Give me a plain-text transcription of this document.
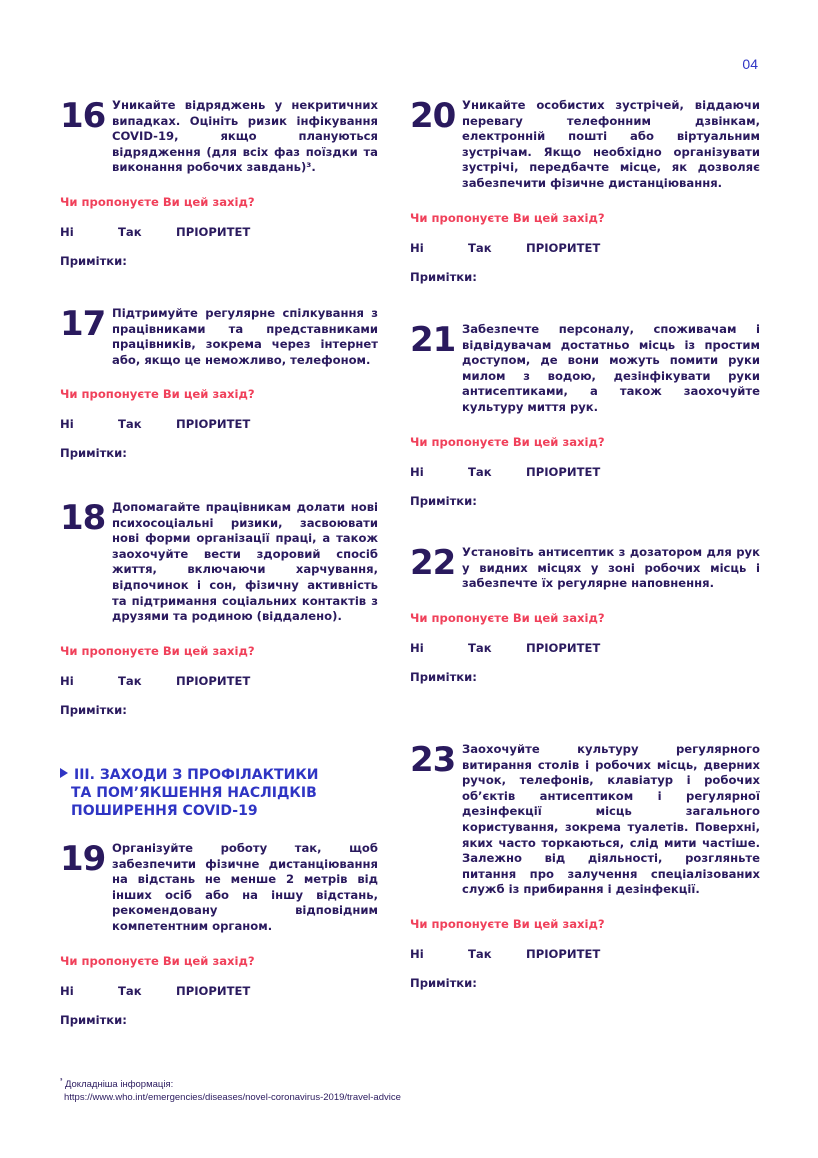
04
16 Уникайте відряджень у некритичних випадках. Оцініть ризик інфікування COVID-19, якщо плануються відрядження (для всіх фаз поїздки та виконання робочих завдань)³.
Чи пропонуєте Ви цей захід?
Ні	Так	ПРІОРИТЕТ
Примітки:
17 Підтримуйте регулярне спілкування з працівниками та представниками працівників, зокрема через інтернет або, якщо це неможливо, телефоном.
Чи пропонуєте Ви цей захід?
Ні	Так	ПРІОРИТЕТ
Примітки:
18 Допомагайте працівникам долати нові психосоціальні ризики, засвоювати нові форми організації праці, а також заохочуйте вести здоровий спосіб життя, включаючи харчування, відпочинок і сон, фізичну активність та підтримання соціальних контактів з друзями та родиною (віддалено).
Чи пропонуєте Ви цей захід?
Ні	Так	ПРІОРИТЕТ
Примітки:
III. ЗАХОДИ З ПРОФІЛАКТИКИ
ТА ПОМ’ЯКШЕННЯ НАСЛІДКІВ
ПОШИРЕННЯ COVID-19
19 Організуйте роботу так, щоб забезпечити фізичне дистанціювання на відстань не менше 2 метрів від інших осіб або на іншу відстань, рекомендовану відповідним компетентним органом.
Чи пропонуєте Ви цей захід?
Ні	Так	ПРІОРИТЕТ
Примітки:
20 Уникайте особистих зустрічей, віддаючи перевагу телефонним дзвінкам, електронній пошті або віртуальним зустрічам. Якщо необхідно організувати зустрічі, передбачте місце, як дозволяє забезпечити фізичне дистанціювання.
Чи пропонуєте Ви цей захід?
Ні	Так	ПРІОРИТЕТ
Примітки:
21 Забезпечте персоналу, споживачам і відвідувачам достатньо місць із простим доступом, де вони можуть помити руки милом з водою, дезінфікувати руки антисептиками, а також заохочуйте культуру миття рук.
Чи пропонуєте Ви цей захід?
Ні	Так	ПРІОРИТЕТ
Примітки:
22 Установіть антисептик з дозатором для рук у видних місцях у зоні робочих місць і забезпечте їх регулярне наповнення.
Чи пропонуєте Ви цей захід?
Ні	Так	ПРІОРИТЕТ
Примітки:
23 Заохочуйте культуру регулярного витирання столів і робочих місць, дверних ручок, телефонів, клавіатур і робочих об’єктів антисептиком і регулярної дезінфекції місць загального користування, зокрема туалетів. Поверхні, яких часто торкаються, слід мити частіше. Залежно від діяльності, розгляньте питання про залучення спеціалізованих служб із прибирання і дезінфекції.
Чи пропонуєте Ви цей захід?
Ні	Так	ПРІОРИТЕТ
Примітки:
$^{^3}$ Докладніша інформація:
https://www.who.int/emergencies/diseases/novel-coronavirus-2019/travel-advice
